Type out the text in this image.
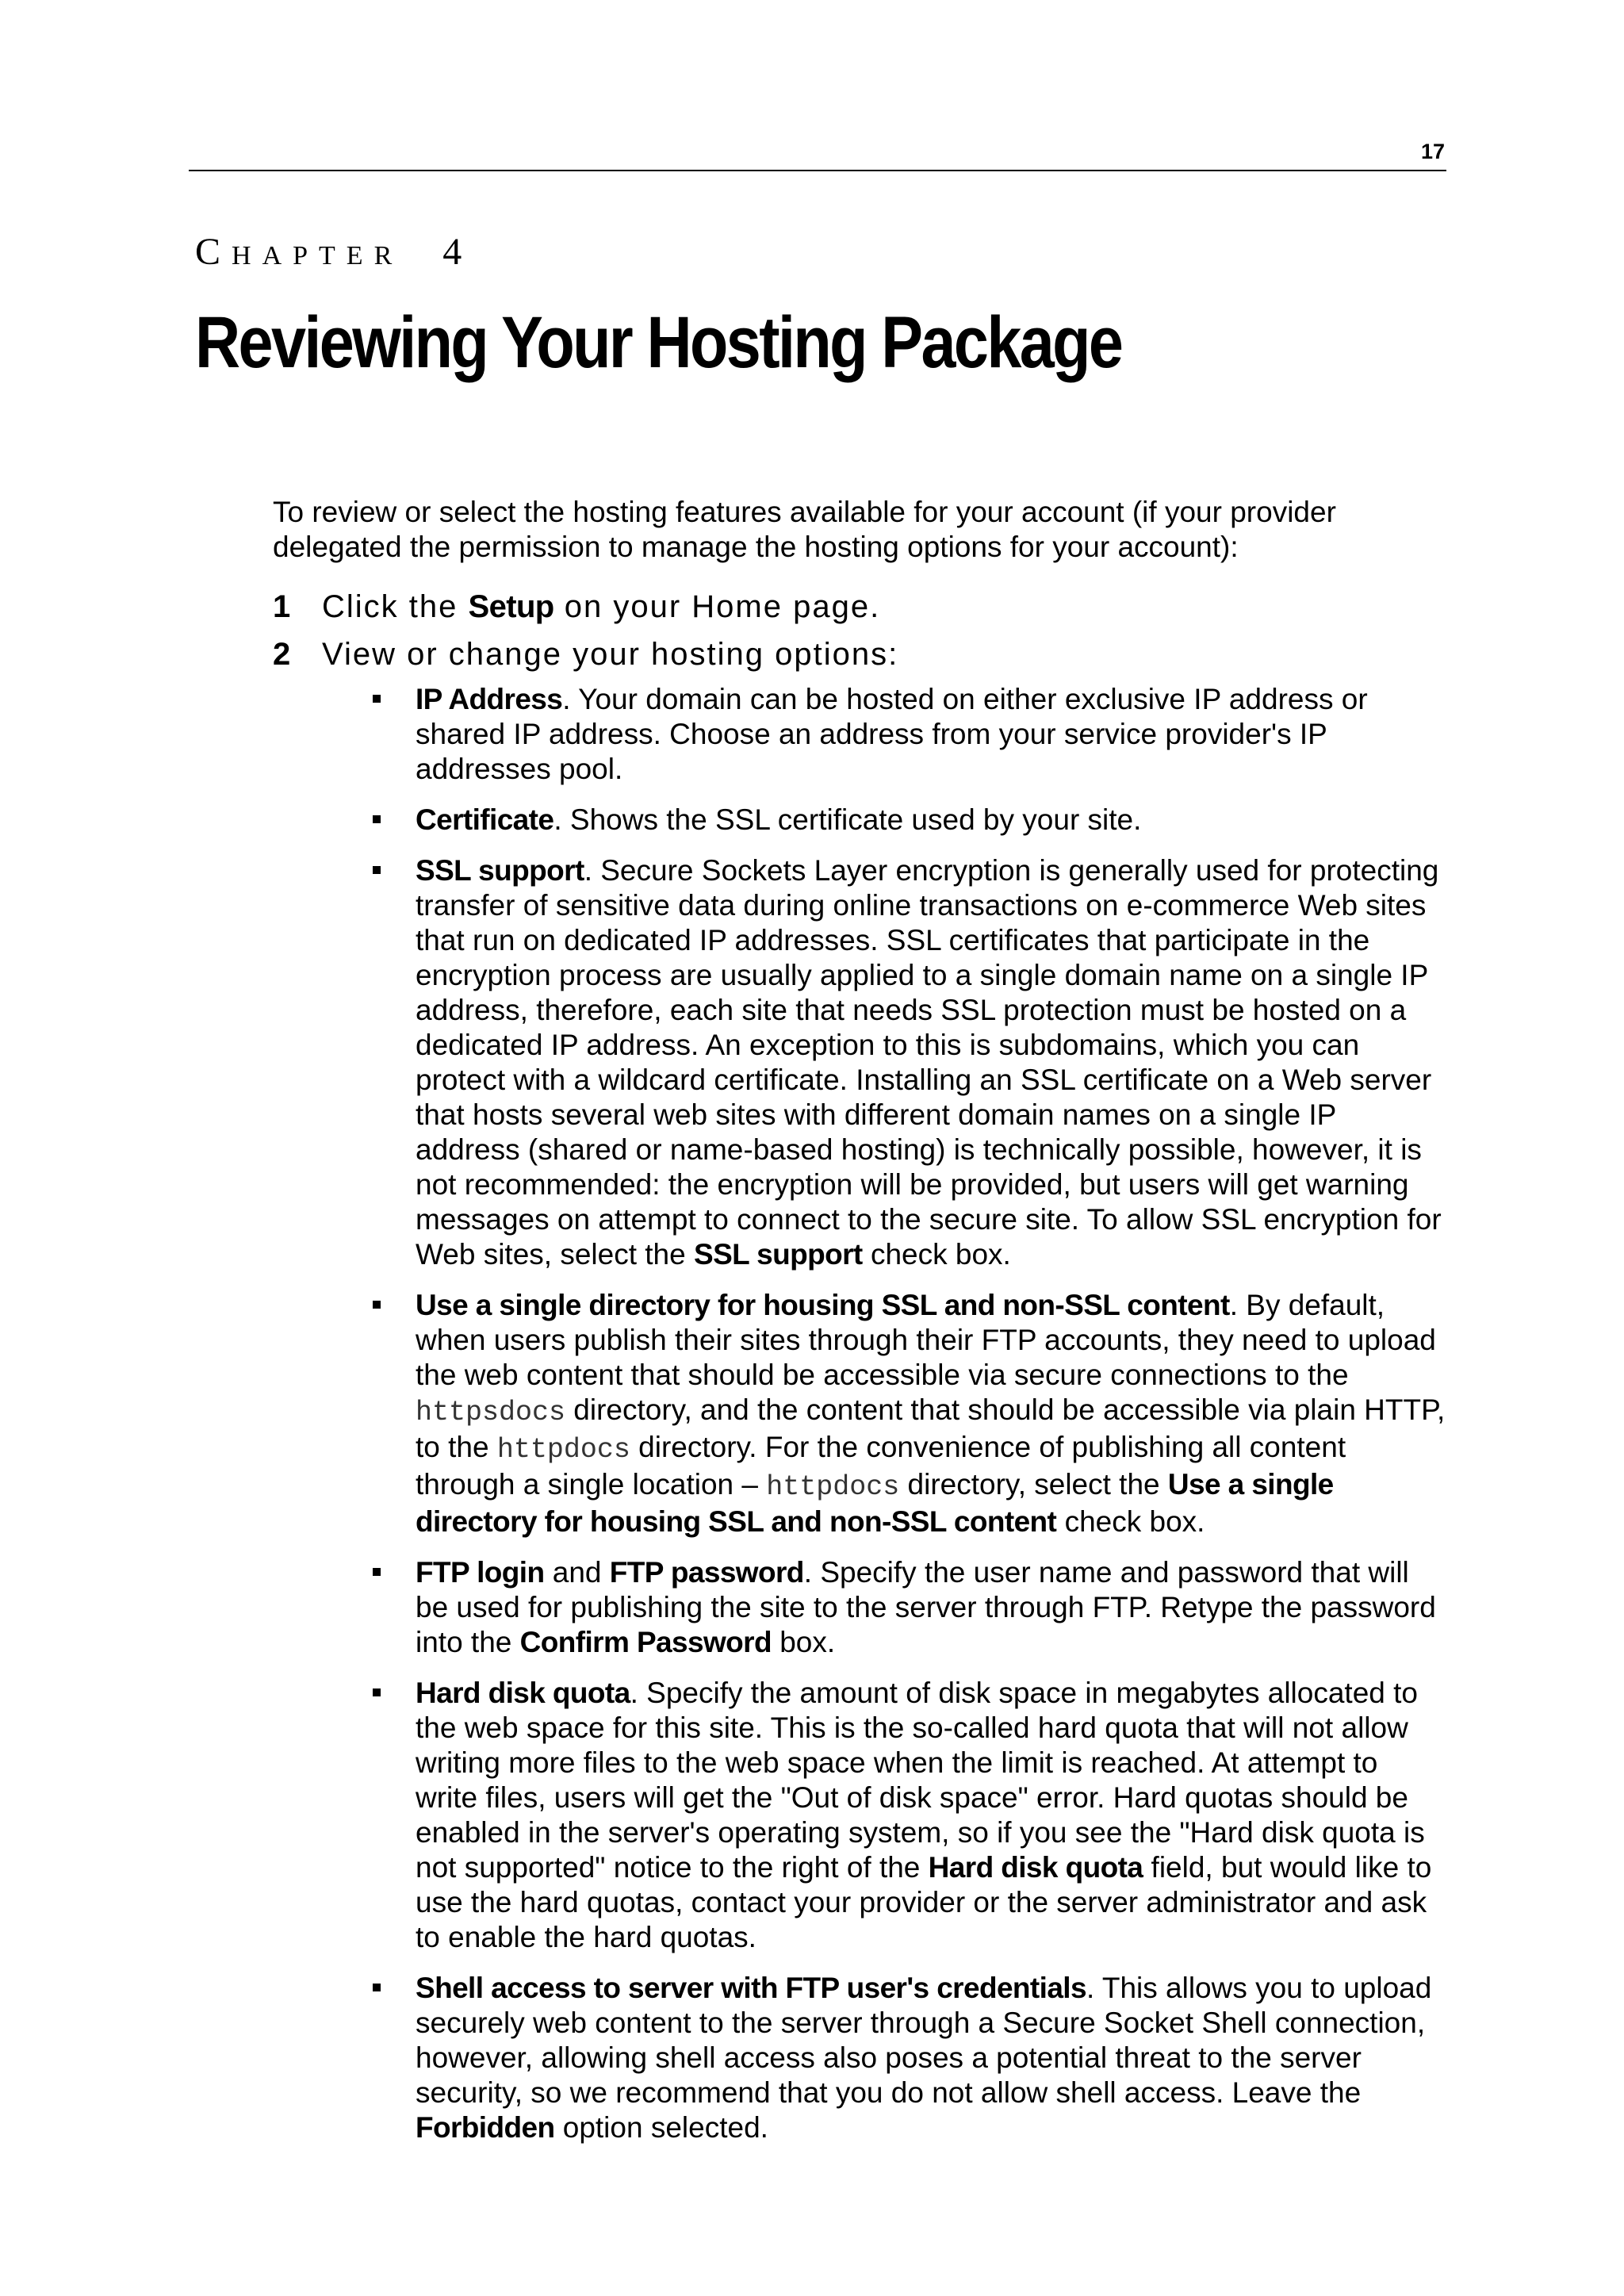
17
CHAPTER 4
Reviewing Your Hosting Package

To review or select the hosting features available for your account (if your provider delegated the permission to manage the hosting options for your account):

1 Click the Setup on your Home page.
2 View or change your hosting options:
IP Address. Your domain can be hosted on either exclusive IP address or shared IP address. Choose an address from your service provider's IP addresses pool.
Certificate. Shows the SSL certificate used by your site.
SSL support. Secure Sockets Layer encryption is generally used for protecting transfer of sensitive data during online transactions on e-commerce Web sites that run on dedicated IP addresses. SSL certificates that participate in the encryption process are usually applied to a single domain name on a single IP address, therefore, each site that needs SSL protection must be hosted on a dedicated IP address. An exception to this is subdomains, which you can protect with a wildcard certificate. Installing an SSL certificate on a Web server that hosts several web sites with different domain names on a single IP address (shared or name-based hosting) is technically possible, however, it is not recommended: the encryption will be provided, but users will get warning messages on attempt to connect to the secure site. To allow SSL encryption for Web sites, select the SSL support check box.
Use a single directory for housing SSL and non-SSL content. By default, when users publish their sites through their FTP accounts, they need to upload the web content that should be accessible via secure connections to the httpsdocs directory, and the content that should be accessible via plain HTTP, to the httpdocs directory. For the convenience of publishing all content through a single location – httpdocs directory, select the Use a single directory for housing SSL and non-SSL content check box.
FTP login and FTP password. Specify the user name and password that will be used for publishing the site to the server through FTP. Retype the password into the Confirm Password box.
Hard disk quota. Specify the amount of disk space in megabytes allocated to the web space for this site. This is the so-called hard quota that will not allow writing more files to the web space when the limit is reached. At attempt to write files, users will get the "Out of disk space" error. Hard quotas should be enabled in the server's operating system, so if you see the "Hard disk quota is not supported" notice to the right of the Hard disk quota field, but would like to use the hard quotas, contact your provider or the server administrator and ask to enable the hard quotas.
Shell access to server with FTP user's credentials. This allows you to upload securely web content to the server through a Secure Socket Shell connection, however, allowing shell access also poses a potential threat to the server security, so we recommend that you do not allow shell access. Leave the Forbidden option selected.
